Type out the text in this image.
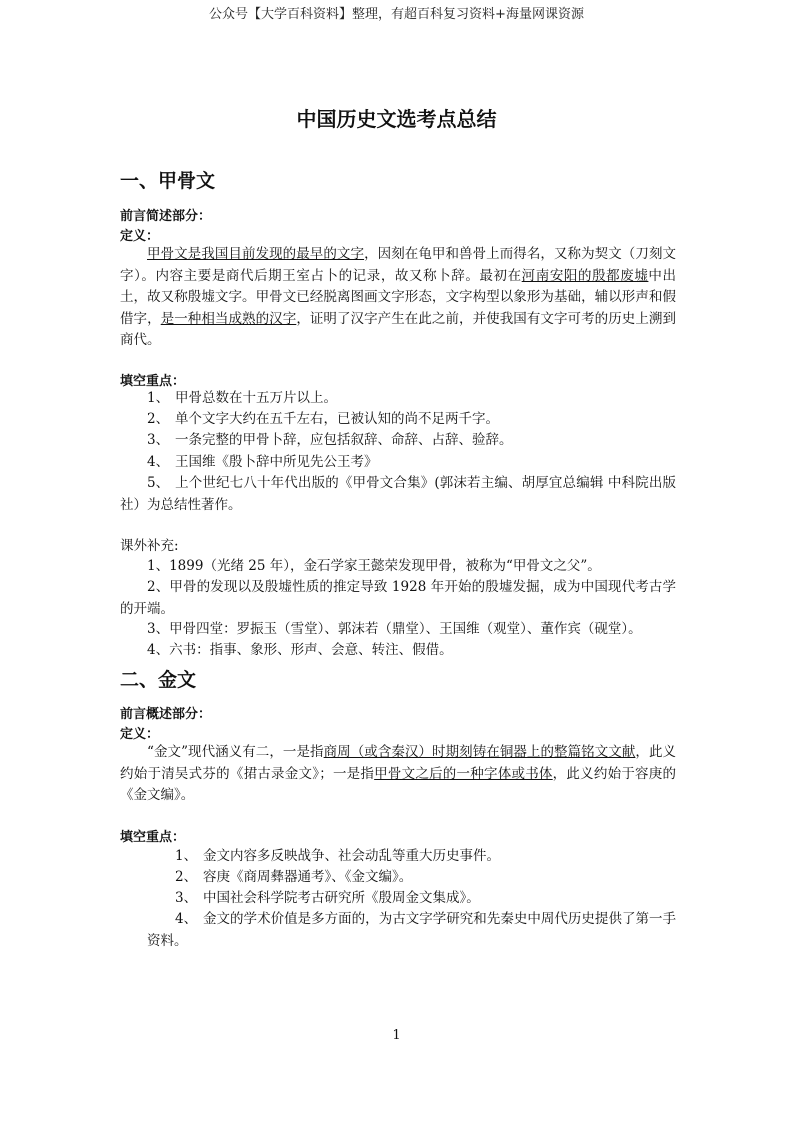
公众号【大学百科资料】整理，有超百科复习资料+海量网课资源
中国历史文选考点总结
一、甲骨文
前言简述部分：
定义：
甲骨文是我国目前发现的最早的文字，因刻在龟甲和兽骨上而得名，又称为契文（刀刻文字）。内容主要是商代后期王室占卜的记录，故又称卜辞。最初在河南安阳的殷都废墟中出土，故又称殷墟文字。甲骨文已经脱离图画文字形态，文字构型以象形为基础，辅以形声和假借字，是一种相当成熟的汉字，证明了汉字产生在此之前，并使我国有文字可考的历史上溯到商代。
填空重点：
1、 甲骨总数在十五万片以上。
2、 单个文字大约在五千左右，已被认知的尚不足两千字。
3、 一条完整的甲骨卜辞，应包括叙辞、命辞、占辞、验辞。
4、 王国维《殷卜辞中所见先公王考》
5、 上个世纪七八十年代出版的《甲骨文合集》(郭沫若主编、胡厚宜总编辑 中科院出版社）为总结性著作。
课外补充:
1、1899（光绪 25 年），金石学家王懿荣发现甲骨，被称为“甲骨文之父”。
2、甲骨的发现以及殷墟性质的推定导致 1928 年开始的殷墟发掘，成为中国现代考古学的开端。
3、甲骨四堂：罗振玉（雪堂）、郭沫若（鼎堂）、王国维（观堂）、董作宾（砚堂）。
4、六书：指事、象形、形声、会意、转注、假借。
二、金文
前言概述部分：
定义：
“金文”现代涵义有二，一是指商周（或含秦汉）时期刻铸在铜器上的整篇铭文文献，此义约始于清吴式芬的《捃古录金文》；一是指甲骨文之后的一种字体或书体，此义约始于容庚的《金文编》。
填空重点：
1、 金文内容多反映战争、社会动乱等重大历史事件。
2、 容庚《商周彝器通考》、《金文编》。
3、 中国社会科学院考古研究所《殷周金文集成》。
4、 金文的学术价值是多方面的，为古文字学研究和先秦史中周代历史提供了第一手资料。
1
